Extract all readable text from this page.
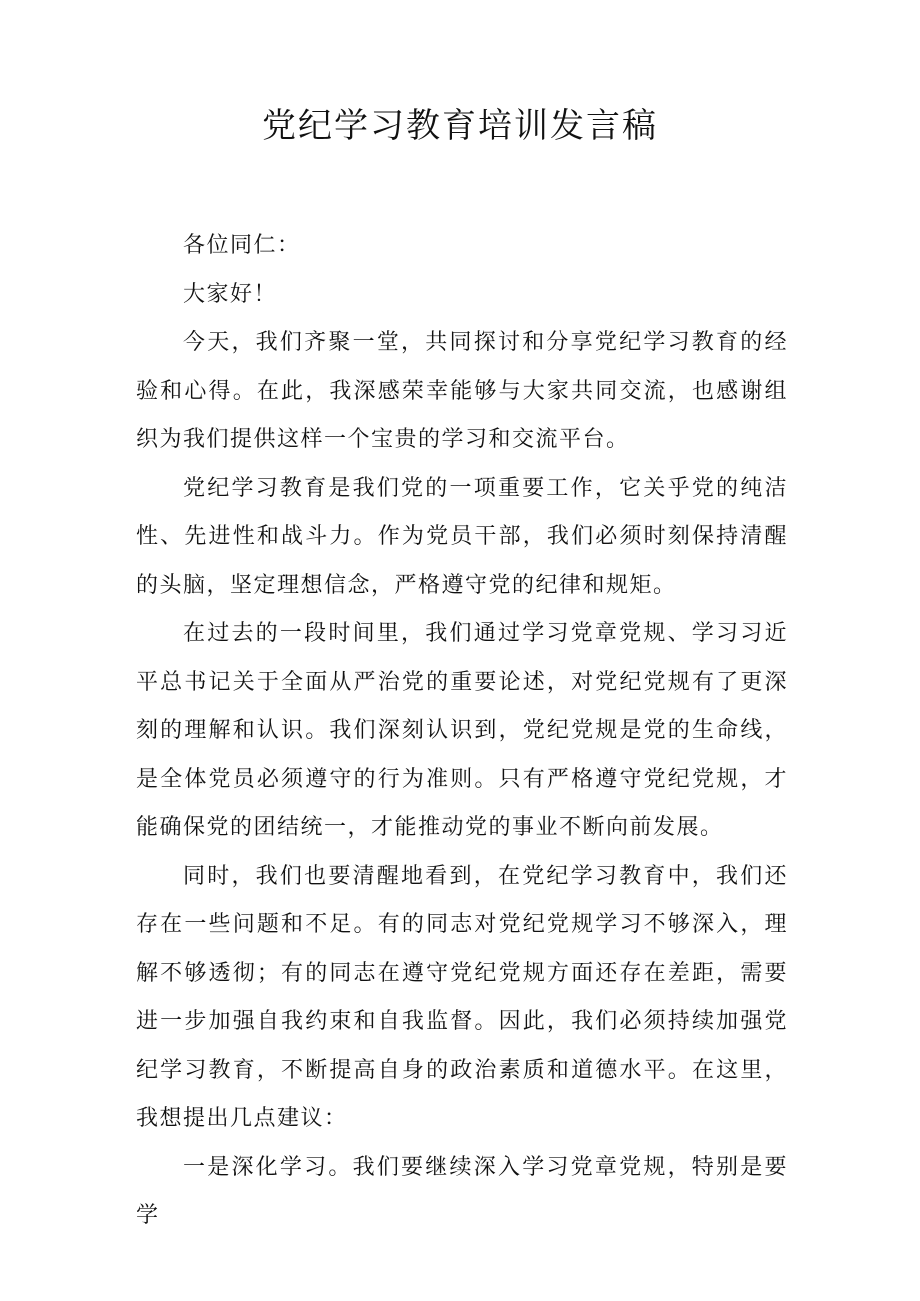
党纪学习教育培训发言稿

各位同仁：

大家好！

今天，我们齐聚一堂，共同探讨和分享党纪学习教育的经验和心得。在此，我深感荣幸能够与大家共同交流，也感谢组织为我们提供这样一个宝贵的学习和交流平台。

党纪学习教育是我们党的一项重要工作，它关乎党的纯洁性、先进性和战斗力。作为党员干部，我们必须时刻保持清醒的头脑，坚定理想信念，严格遵守党的纪律和规矩。

在过去的一段时间里，我们通过学习党章党规、学习习近平总书记关于全面从严治党的重要论述，对党纪党规有了更深刻的理解和认识。我们深刻认识到，党纪党规是党的生命线，是全体党员必须遵守的行为准则。只有严格遵守党纪党规，才能确保党的团结统一，才能推动党的事业不断向前发展。

同时，我们也要清醒地看到，在党纪学习教育中，我们还存在一些问题和不足。有的同志对党纪党规学习不够深入，理解不够透彻；有的同志在遵守党纪党规方面还存在差距，需要进一步加强自我约束和自我监督。因此，我们必须持续加强党纪学习教育，不断提高自身的政治素质和道德水平。在这里，我想提出几点建议：

一是深化学习。我们要继续深入学习党章党规，特别是要学
